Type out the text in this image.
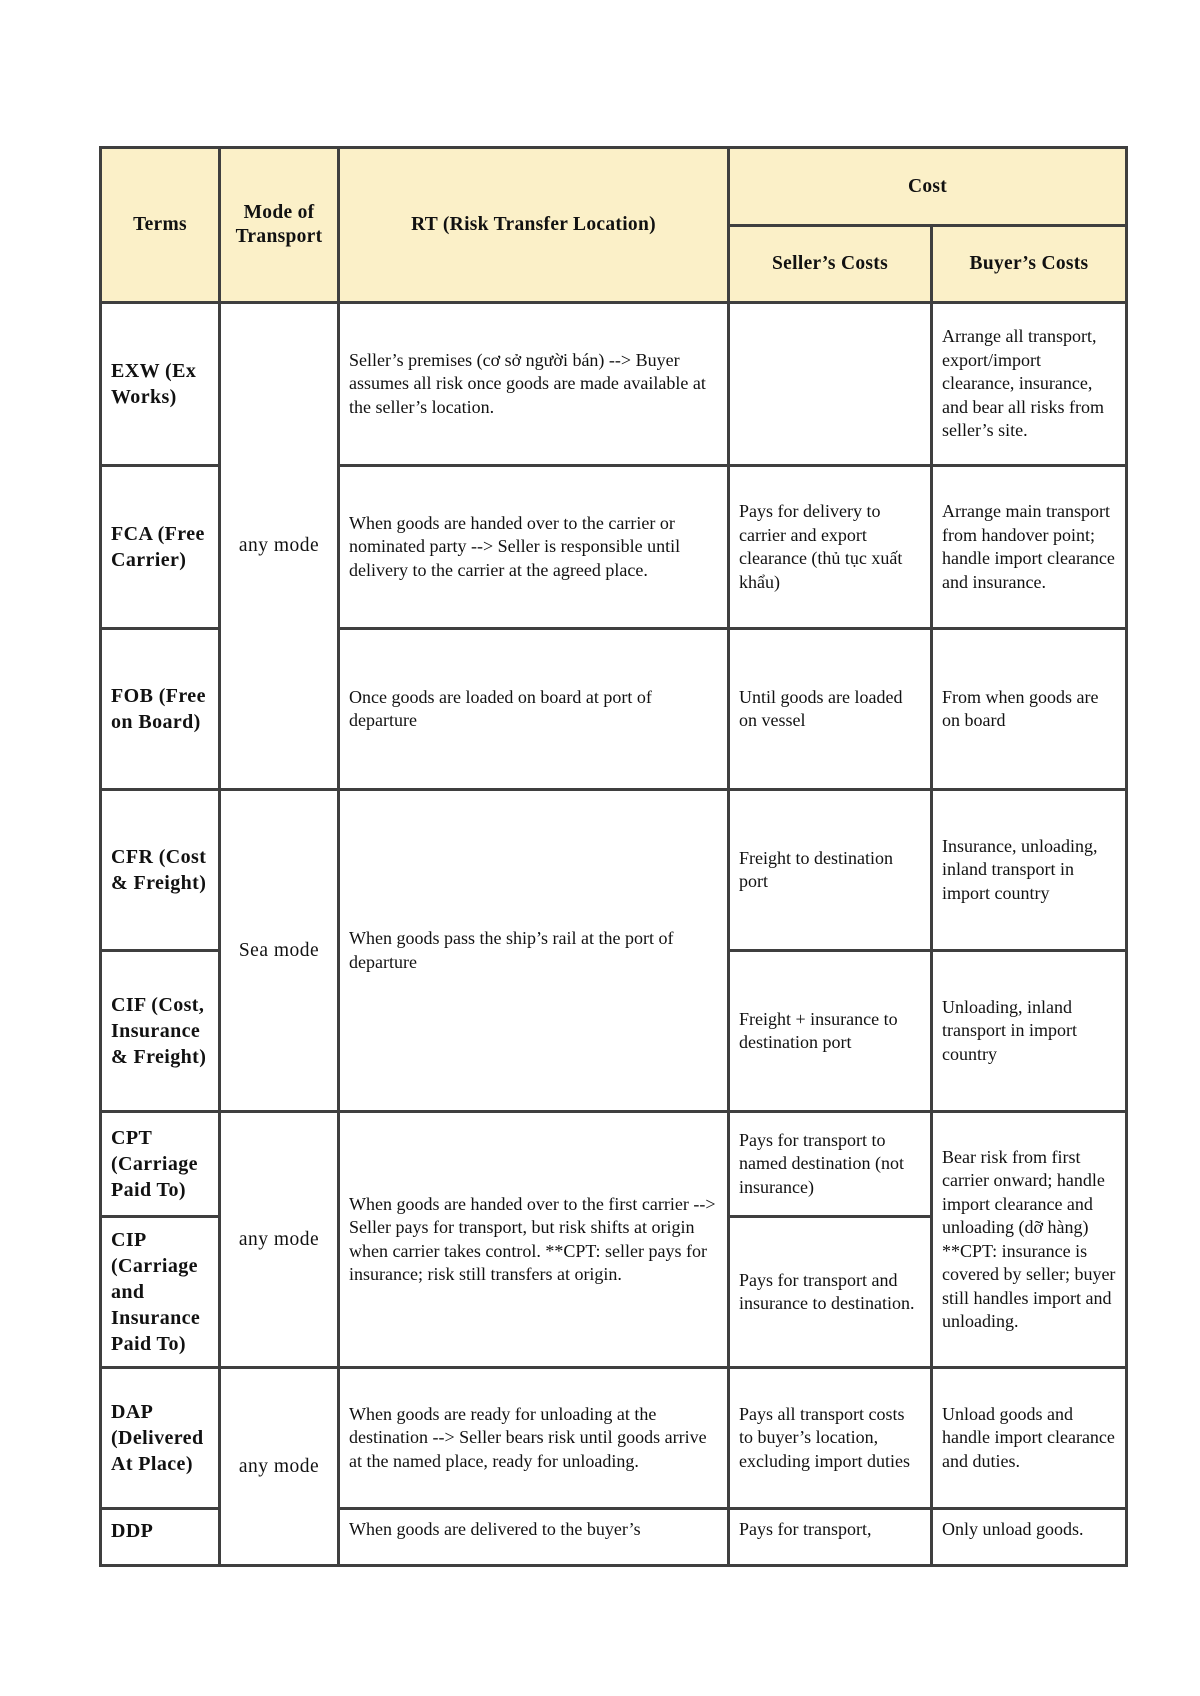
Terms	Mode of Transport	RT (Risk Transfer Location)	Cost	
			Seller’s Costs	Buyer’s Costs
EXW (Ex Works)	any mode	Seller’s premises (cơ sở người bán) --> Buyer assumes all risk once goods are made available at the seller’s location.		Arrange all transport, export/import clearance, insurance, and bear all risks from seller’s site.
FCA (Free Carrier)		When goods are handed over to the carrier or nominated party --> Seller is responsible until delivery to the carrier at the agreed place.	Pays for delivery to carrier and export clearance (thủ tục xuất khẩu)	Arrange main transport from handover point; handle import clearance and insurance.
FOB (Free on Board)		Once goods are loaded on board at port of departure	Until goods are loaded on vessel	From when goods are on board
CFR (Cost & Freight)	Sea mode	When goods pass the ship’s rail at the port of departure	Freight to destination port	Insurance, unloading, inland transport in import country
CIF (Cost, Insurance & Freight)			Freight + insurance to destination port	Unloading, inland transport in import country
CPT (Carriage Paid To)	any mode	When goods are handed over to the first carrier --> Seller pays for transport, but risk shifts at origin when carrier takes control. **CPT: seller pays for insurance; risk still transfers at origin.	Pays for transport to named destination (not insurance)	Bear risk from first carrier onward; handle import clearance and unloading (dỡ hàng) **CPT: insurance is covered by seller; buyer still handles import and unloading.
CIP (Carriage and Insurance Paid To)			Pays for transport and insurance to destination.	
DAP (Delivered At Place)	any mode	When goods are ready for unloading at the destination --> Seller bears risk until goods arrive at the named place, ready for unloading.	Pays all transport costs to buyer’s location, excluding import duties	Unload goods and handle import clearance and duties.
DDP		When goods are delivered to the buyer’s	Pays for transport,	Only unload goods.
